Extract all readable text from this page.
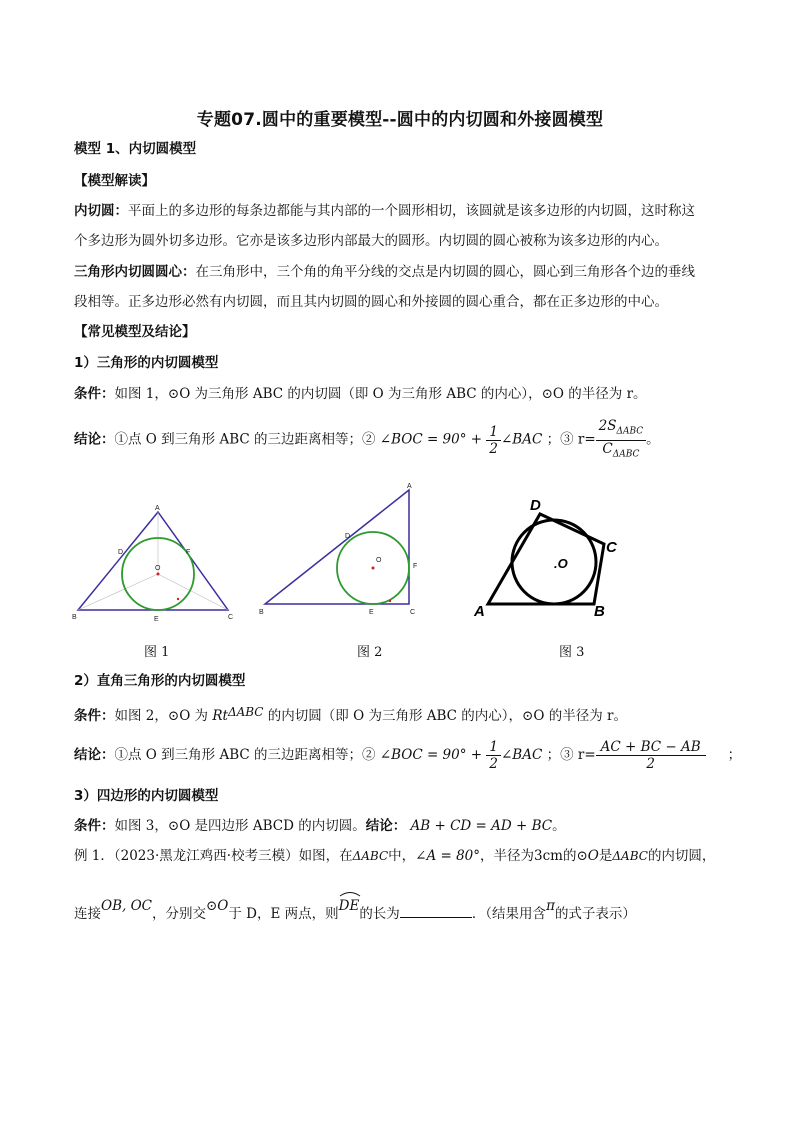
专题07.圆中的重要模型--圆中的内切圆和外接圆模型
模型 1、内切圆模型
【模型解读】
内切圆：平面上的多边形的每条边都能与其内部的一个圆形相切，该圆就是该多边形的内切圆，这时称这
个多边形为圆外切多边形。它亦是该多边形内部最大的圆形。内切圆的圆心被称为该多边形的内心。
三角形内切圆圆心：在三角形中，三个角的角平分线的交点是内切圆的圆心，圆心到三角形各个边的垂线
段相等。正多边形必然有内切圆，而且其内切圆的圆心和外接圆的圆心重合，都在正多边形的中心。
【常见模型及结论】
1）三角形的内切圆模型
条件：如图 1，⊙O 为三角形 ABC 的内切圆（即 O 为三角形 ABC 的内心），⊙O 的半径为 r。
结论：①点 O 到三角形 ABC 的三边距离相等；② ∠BOC = $90^\circ + \frac{1}{2}$ ∠BAC ；③ $r= \frac{2S_{\Delta ABC}}{C_{\Delta ABC}}$ 。
A
B	C
D
E
F
O
A
B	C
D
E
F
O
A	B
C
D
.O
图 1	图 2	图 3
2）直角三角形的内切圆模型
条件：如图 2，⊙O 为 RtΔABC 的内切圆（即 O 为三角形 ABC 的内心），⊙O 的半径为 r。
结论：①点 O 到三角形 ABC 的三边距离相等；② ∠BOC = $90^\circ + \frac{1}{2}$ ∠BAC ；③ $r= \frac{AC + BC - AB}{2}$ ；
3）四边形的内切圆模型
条件：如图 3，⊙O 是四边形 ABCD 的内切圆。结论： AB + CD = AD + BC。
例 1．（2023·黑龙江鸡西·校考三模）如图，在ΔABC中，∠A = 80°，半径为3cm的⊙O是ΔABC的内切圆，
连接OB, OC，分别交⊙O于 D，E 两点，则
DE的长为	．（结果用含π的式子表示）
